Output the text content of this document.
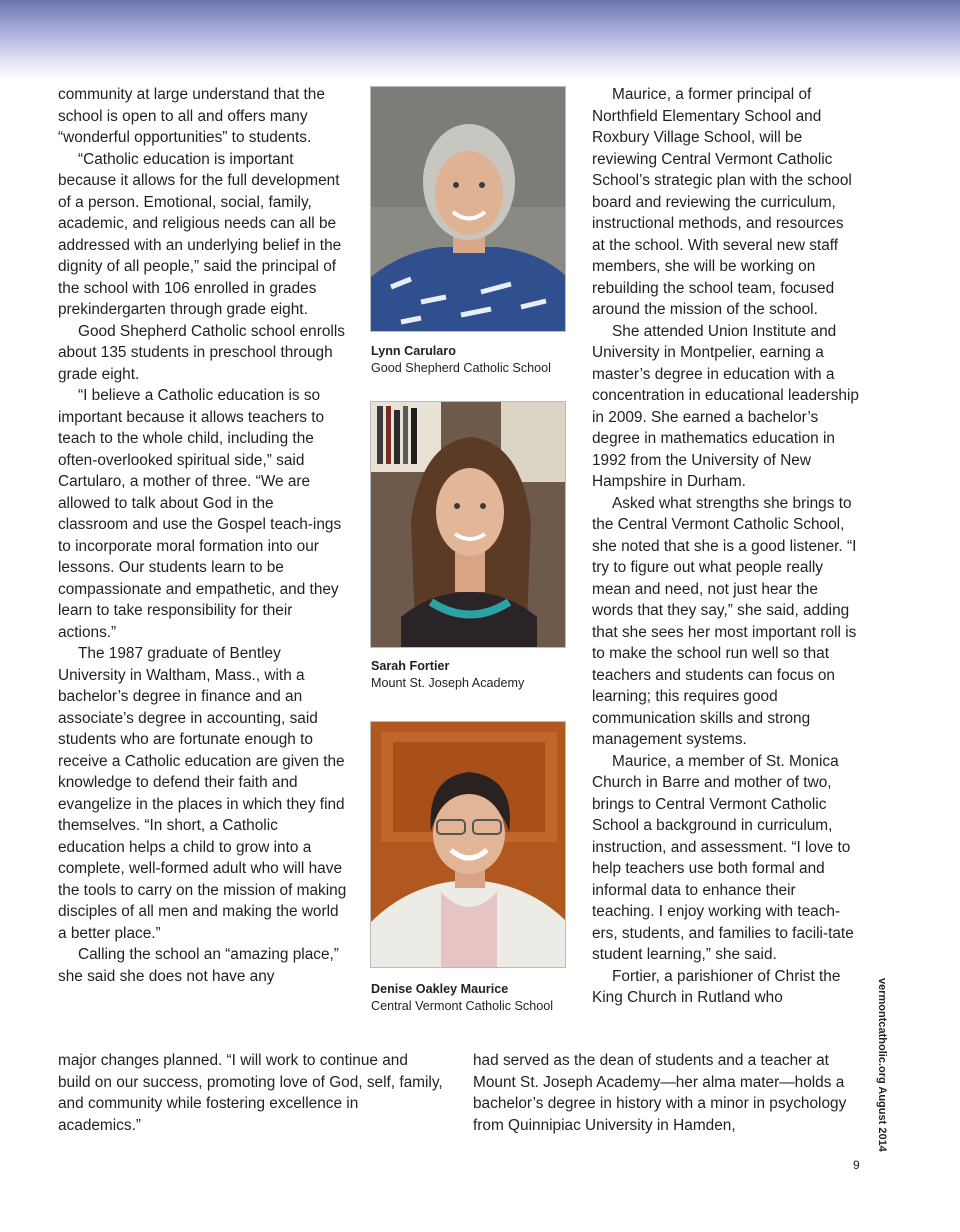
community at large understand that the school is open to all and offers many “wonderful opportunities” to students.

“Catholic education is important because it allows for the full development of a person. Emotional, social, family, academic, and religious needs can all be addressed with an underlying belief in the dignity of all people,” said the principal of the school with 106 enrolled in grades prekindergarten through grade eight.

Good Shepherd Catholic school enrolls about 135 students in preschool through grade eight.

“I believe a Catholic education is so important because it allows teachers to teach to the whole child, including the often-overlooked spiritual side,” said Cartularo, a mother of three. “We are allowed to talk about God in the classroom and use the Gospel teach-ings to incorporate moral formation into our lessons. Our students learn to be compassionate and empathetic, and they learn to take responsibility for their actions.”

The 1987 graduate of Bentley University in Waltham, Mass., with a bachelor’s degree in finance and an associate’s degree in accounting, said students who are fortunate enough to receive a Catholic education are given the knowledge to defend their faith and evangelize in the places in which they find themselves. “In short, a Catholic education helps a child to grow into a complete, well-formed adult who will have the tools to carry on the mission of making disciples of all men and making the world a better place.”

Calling the school an “amazing place,” she said she does not have any

major changes planned. “I will work to continue and build on our success, promoting love of God, self, family, and community while fostering excellence in academics.”

Maurice, a former principal of Northfield Elementary School and Roxbury Village School, will be reviewing Central Vermont Catholic School’s strategic plan with the school board and reviewing the curriculum, instructional methods, and resources at the school. With several new staff members, she will be working on rebuilding the school team, focused around the mission of the school.

She attended Union Institute and University in Montpelier, earning a master’s degree in education with a concentration in educational leadership in 2009. She earned a bachelor’s degree in mathematics education in 1992 from the University of New Hampshire in Durham.

Asked what strengths she brings to the Central Vermont Catholic School, she noted that she is a good listener. “I try to figure out what people really mean and need, not just hear the words that they say,” she said, adding that she sees her most important roll is to make the school run well so that teachers and students can focus on learning; this requires good communication skills and strong management systems.

Maurice, a member of St. Monica Church in Barre and mother of two, brings to Central Vermont Catholic School a background in curriculum, instruction, and assessment. “I love to help teachers use both formal and informal data to enhance their teaching. I enjoy working with teach-ers, students, and families to facili-tate student learning,” she said.

Fortier, a parishioner of Christ the King Church in Rutland who

had served as the dean of students and a teacher at Mount St. Joseph Academy—her alma mater—holds a bachelor’s degree in history with a minor in psychology from Quinnipiac University in Hamden,

Lynn Carularo
Good Shepherd Catholic School
Sarah Fortier
Mount St. Joseph Academy
Denise Oakley Maurice
Central Vermont Catholic School	vermontcatholic.org August 2014
9
